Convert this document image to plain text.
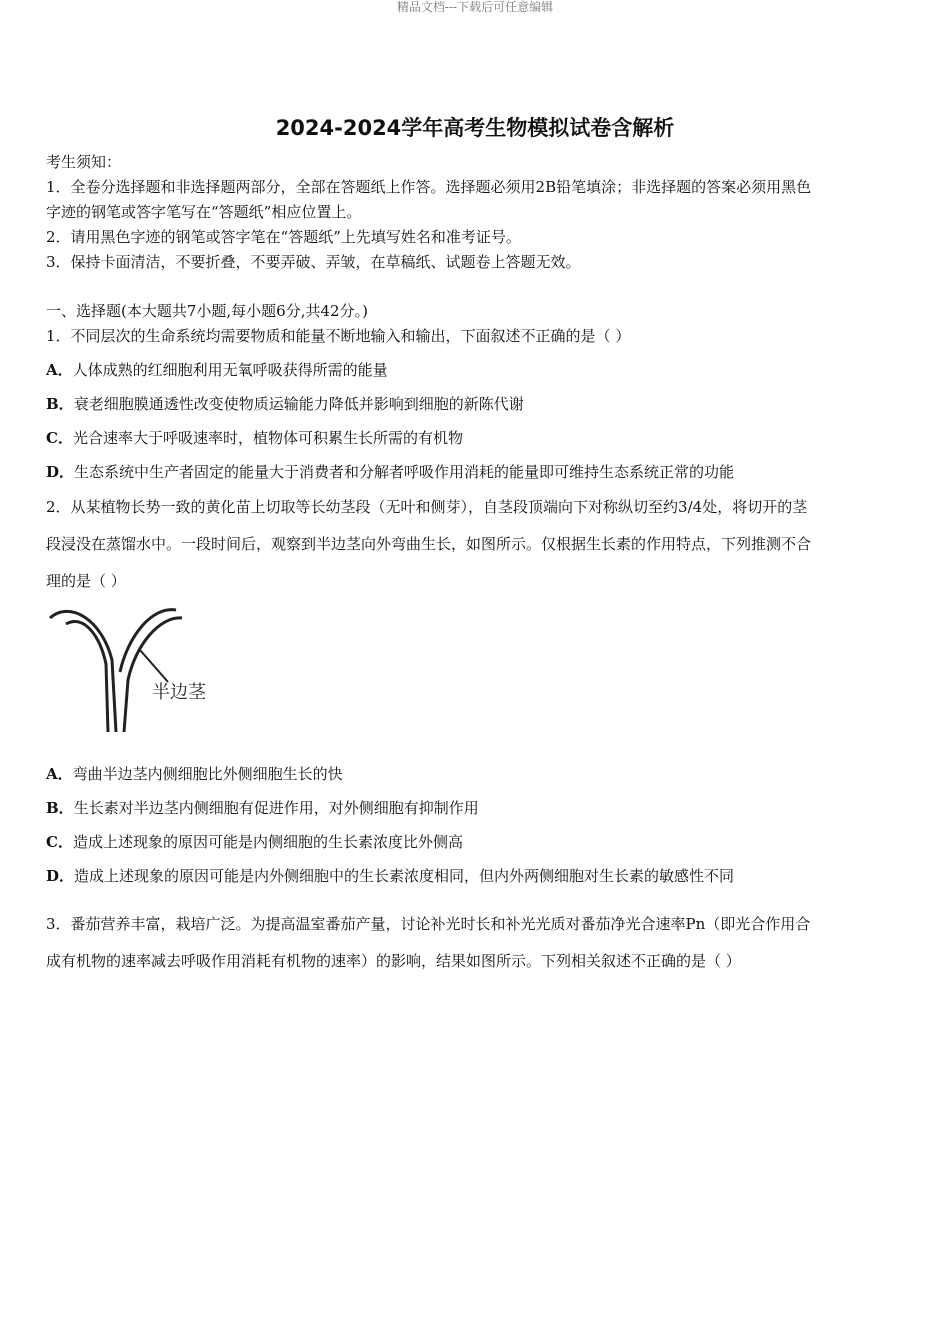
精品文档---下载后可任意编辑
2024-2024学年高考生物模拟试卷含解析
考生须知：
1．全卷分选择题和非选择题两部分，全部在答题纸上作答。选择题必须用2B铅笔填涂；非选择题的答案必须用黑色
字迹的钢笔或答字笔写在“答题纸”相应位置上。
2．请用黑色字迹的钢笔或答字笔在“答题纸”上先填写姓名和准考证号。
3．保持卡面清洁，不要折叠，不要弄破、弄皱，在草稿纸、试题卷上答题无效。
一、选择题(本大题共7小题,每小题6分,共42分。)
1．不同层次的生命系统均需要物质和能量不断地输入和输出，下面叙述不正确的是（ ）
A．人体成熟的红细胞利用无氧呼吸获得所需的能量
B．衰老细胞膜通透性改变使物质运输能力降低并影响到细胞的新陈代谢
C．光合速率大于呼吸速率时，植物体可积累生长所需的有机物
D．生态系统中生产者固定的能量大于消费者和分解者呼吸作用消耗的能量即可维持生态系统正常的功能
2．从某植物长势一致的黄化苗上切取等长幼茎段（无叶和侧芽），自茎段顶端向下对称纵切至约3/4处，将切开的茎
段浸没在蒸馏水中。一段时间后，观察到半边茎向外弯曲生长，如图所示。仅根据生长素的作用特点，下列推测不合
理的是（ ）
半边茎
A．弯曲半边茎内侧细胞比外侧细胞生长的快
B．生长素对半边茎内侧细胞有促进作用，对外侧细胞有抑制作用
C．造成上述现象的原因可能是内侧细胞的生长素浓度比外侧高
D．造成上述现象的原因可能是内外侧细胞中的生长素浓度相同，但内外两侧细胞对生长素的敏感性不同
3．番茄营养丰富，栽培广泛。为提高温室番茄产量，讨论补光时长和补光光质对番茄净光合速率Pn（即光合作用合
成有机物的速率减去呼吸作用消耗有机物的速率）的影响，结果如图所示。下列相关叙述不正确的是（ ）
